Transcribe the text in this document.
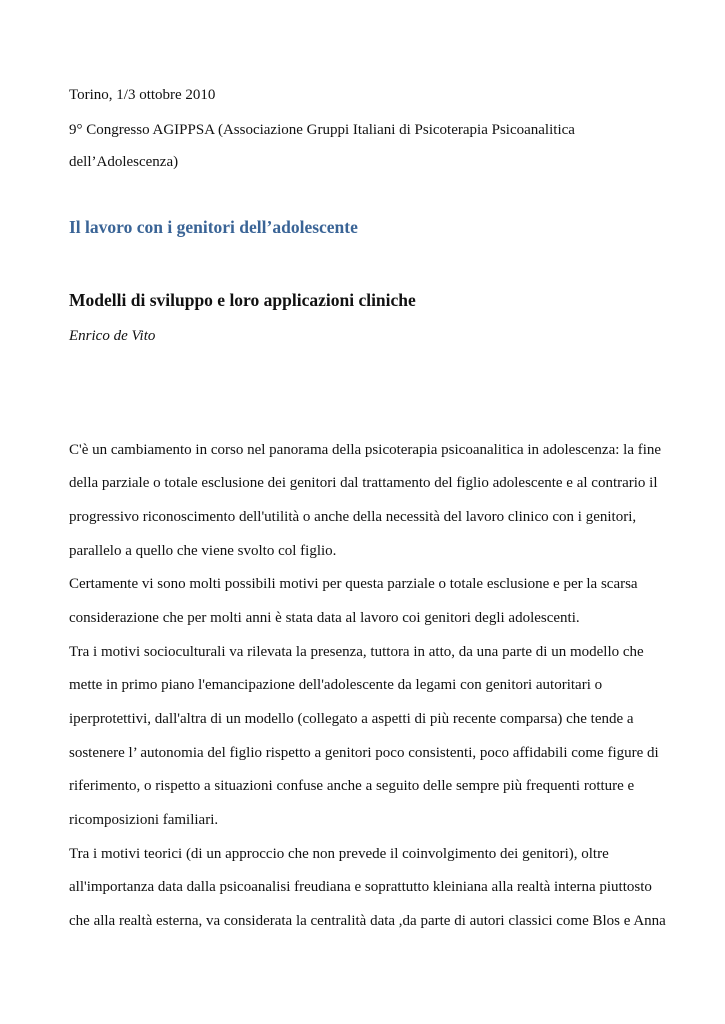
Torino, 1/3 ottobre 2010
9° Congresso AGIPPSA (Associazione Gruppi Italiani di Psicoterapia Psicoanalitica
dell’Adolescenza)
Il lavoro con i genitori dell’adolescente
Modelli di sviluppo e loro applicazioni cliniche
Enrico de Vito
C'è un cambiamento in corso nel panorama della psicoterapia psicoanalitica in adolescenza: la fine
della parziale o totale esclusione dei genitori dal trattamento del figlio adolescente e al contrario il
progressivo riconoscimento dell'utilità o anche della necessità del lavoro clinico con i genitori,
parallelo a quello che viene svolto col figlio.
Certamente vi sono molti possibili motivi per questa parziale o totale esclusione e per la scarsa
considerazione che per molti anni è stata data al lavoro coi genitori degli adolescenti.
Tra i motivi socioculturali va rilevata la presenza, tuttora in atto, da una parte di un modello che
mette in primo piano l'emancipazione dell'adolescente da legami con genitori autoritari o
iperprotettivi, dall'altra di un modello (collegato a aspetti di più recente comparsa) che tende a
sostenere l’ autonomia del figlio rispetto a genitori poco consistenti, poco affidabili come figure di
riferimento, o rispetto a situazioni confuse anche a seguito delle sempre più frequenti rotture e
ricomposizioni familiari.
Tra i motivi teorici (di un approccio che non prevede il coinvolgimento dei genitori), oltre
all'importanza data dalla psicoanalisi freudiana e soprattutto kleiniana alla realtà interna piuttosto
che alla realtà esterna, va considerata la centralità data ,da parte di autori classici come Blos e Anna
